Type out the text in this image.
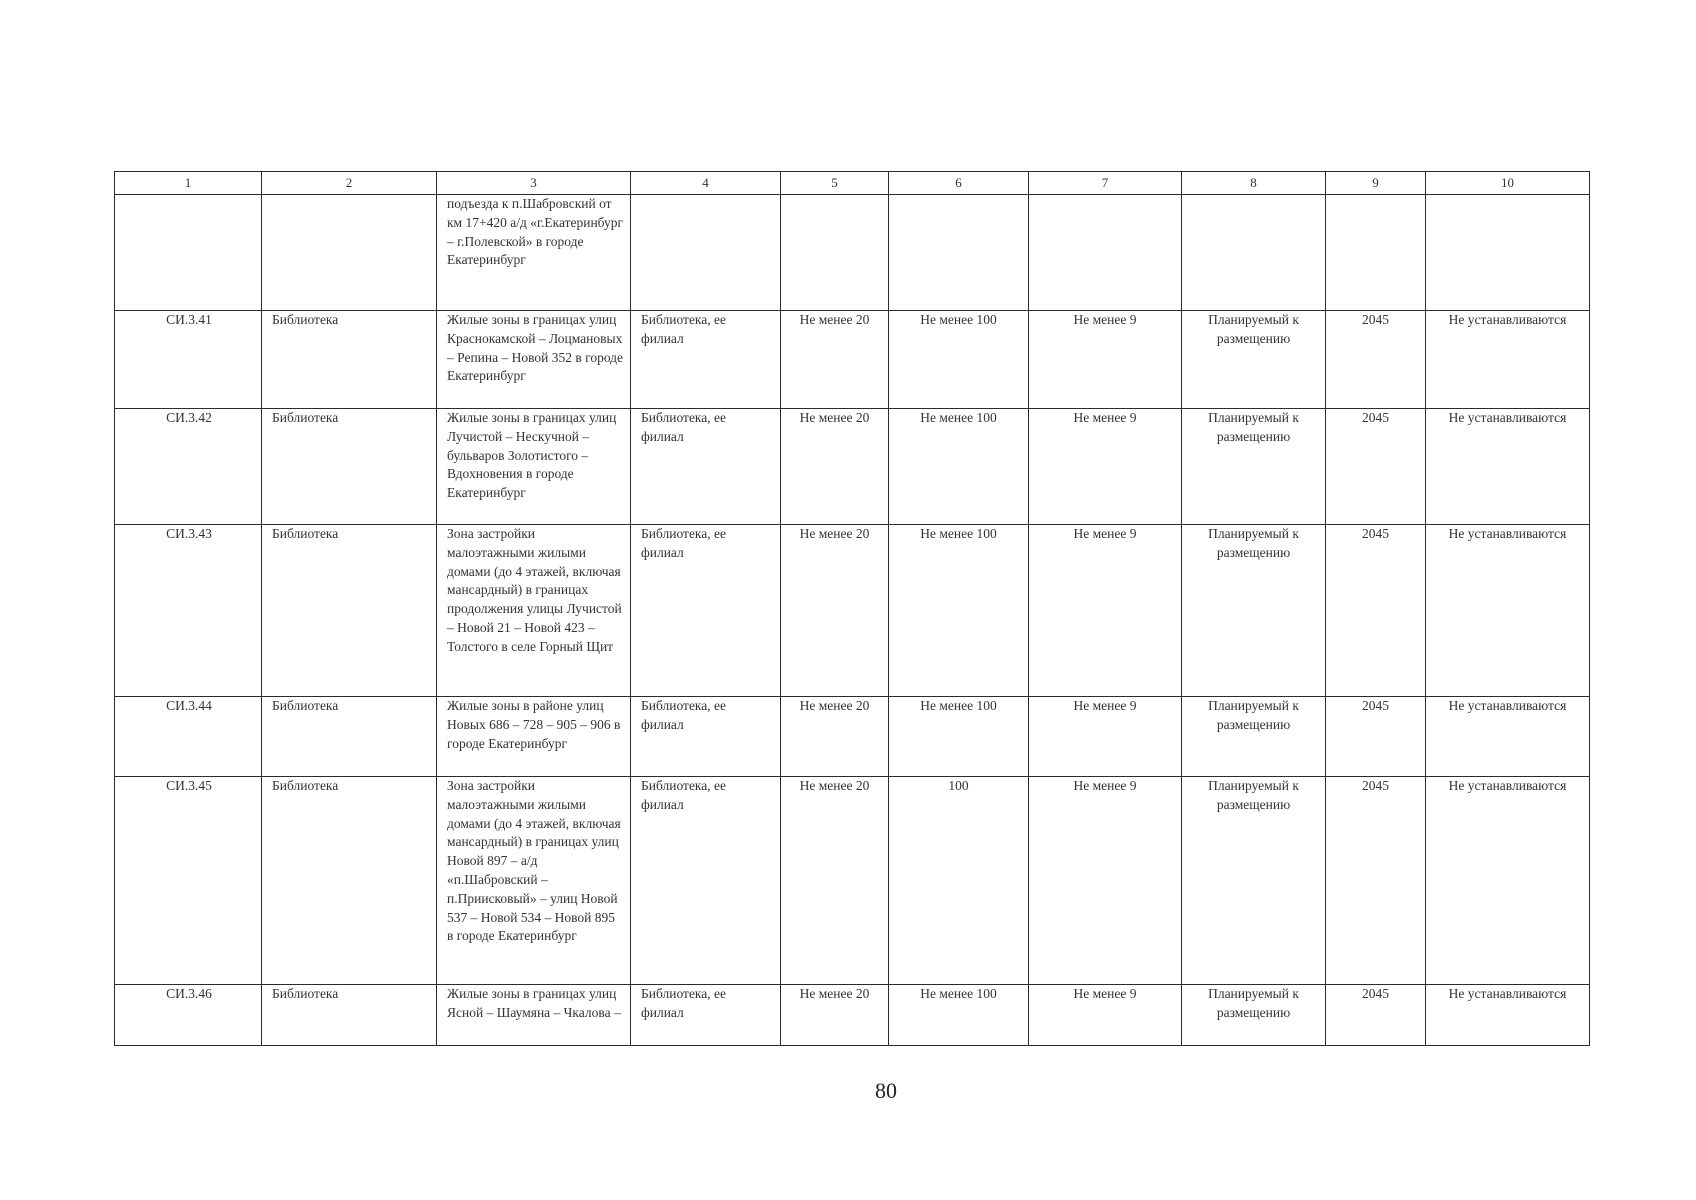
1	2	3	4	5	6	7	8	9	10
		подъезда к п.Шабровский от км 17+420 а/д «г.Екатеринбург – г.Полевской» в городе Екатеринбург							
СИ.3.41	Библиотека	Жилые зоны в границах улиц Краснокамской – Лоцмановых – Репина – Новой 352 в городе Екатеринбург	Библиотека, ее филиал	Не менее 20	Не менее 100	Не менее 9	Планируемый к размещению	2045	Не устанавливаются
СИ.3.42	Библиотека	Жилые зоны в границах улиц Лучистой – Нескучной – бульваров Золотистого – Вдохновения в городе Екатеринбург	Библиотека, ее филиал	Не менее 20	Не менее 100	Не менее 9	Планируемый к размещению	2045	Не устанавливаются
СИ.3.43	Библиотека	Зона застройки малоэтажными жилыми домами (до 4 этажей, включая мансардный) в границах продолжения улицы Лучистой – Новой 21 – Новой 423 – Толстого в селе Горный Щит	Библиотека, ее филиал	Не менее 20	Не менее 100	Не менее 9	Планируемый к размещению	2045	Не устанавливаются
СИ.3.44	Библиотека	Жилые зоны в районе улиц Новых 686 – 728 – 905 – 906 в городе Екатеринбург	Библиотека, ее филиал	Не менее 20	Не менее 100	Не менее 9	Планируемый к размещению	2045	Не устанавливаются
СИ.3.45	Библиотека	Зона застройки малоэтажными жилыми домами (до 4 этажей, включая мансардный) в границах улиц Новой 897 – а/д «п.Шабровский – п.Приисковый» – улиц Новой 537 – Новой 534 – Новой 895 в городе Екатеринбург	Библиотека, ее филиал	Не менее 20	100	Не менее 9	Планируемый к размещению	2045	Не устанавливаются
СИ.3.46	Библиотека	Жилые зоны в границах улиц Ясной – Шаумяна – Чкалова –	Библиотека, ее филиал	Не менее 20	Не менее 100	Не менее 9	Планируемый к размещению	2045	Не устанавливаются
80
